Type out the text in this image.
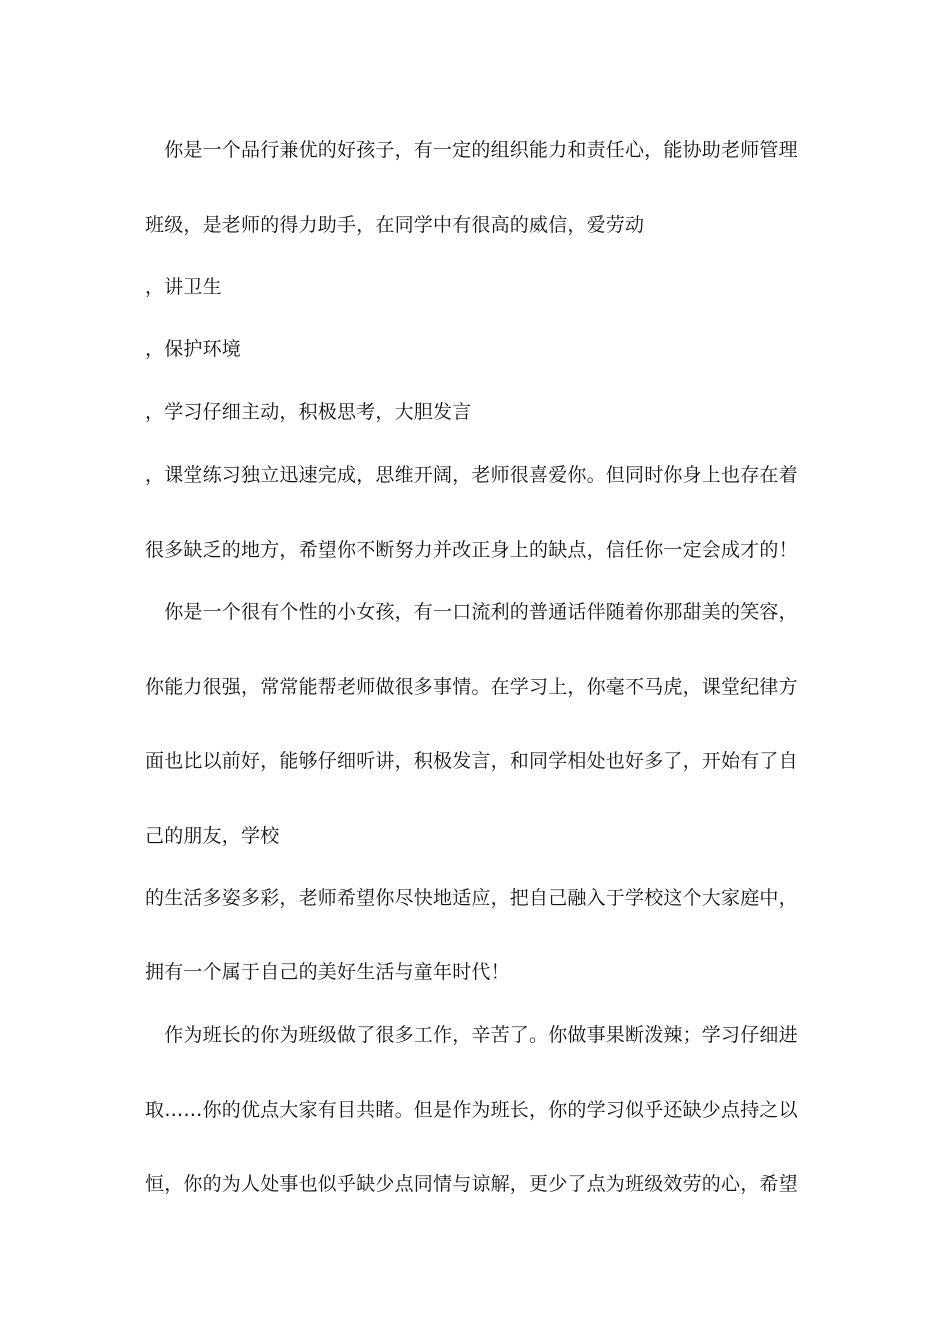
　你是一个品行兼优的好孩子，有一定的组织能力和责任心，能协助老师管理
班级，是老师的得力助手，在同学中有很高的威信，爱劳动
，讲卫生
，保护环境
，学习仔细主动，积极思考，大胆发言
，课堂练习独立迅速完成，思维开阔，老师很喜爱你。但同时你身上也存在着
很多缺乏的地方，希望你不断努力并改正身上的缺点，信任你一定会成才的！
　你是一个很有个性的小女孩，有一口流利的普通话伴随着你那甜美的笑容，
你能力很强，常常能帮老师做很多事情。在学习上，你毫不马虎，课堂纪律方
面也比以前好，能够仔细听讲，积极发言，和同学相处也好多了，开始有了自
己的朋友，学校
的生活多姿多彩，老师希望你尽快地适应，把自己融入于学校这个大家庭中，
拥有一个属于自己的美好生活与童年时代！
　作为班长的你为班级做了很多工作，辛苦了。你做事果断泼辣；学习仔细进
取……你的优点大家有目共睹。但是作为班长，你的学习似乎还缺少点持之以
恒，你的为人处事也似乎缺少点同情与谅解，更少了点为班级效劳的心，希望
